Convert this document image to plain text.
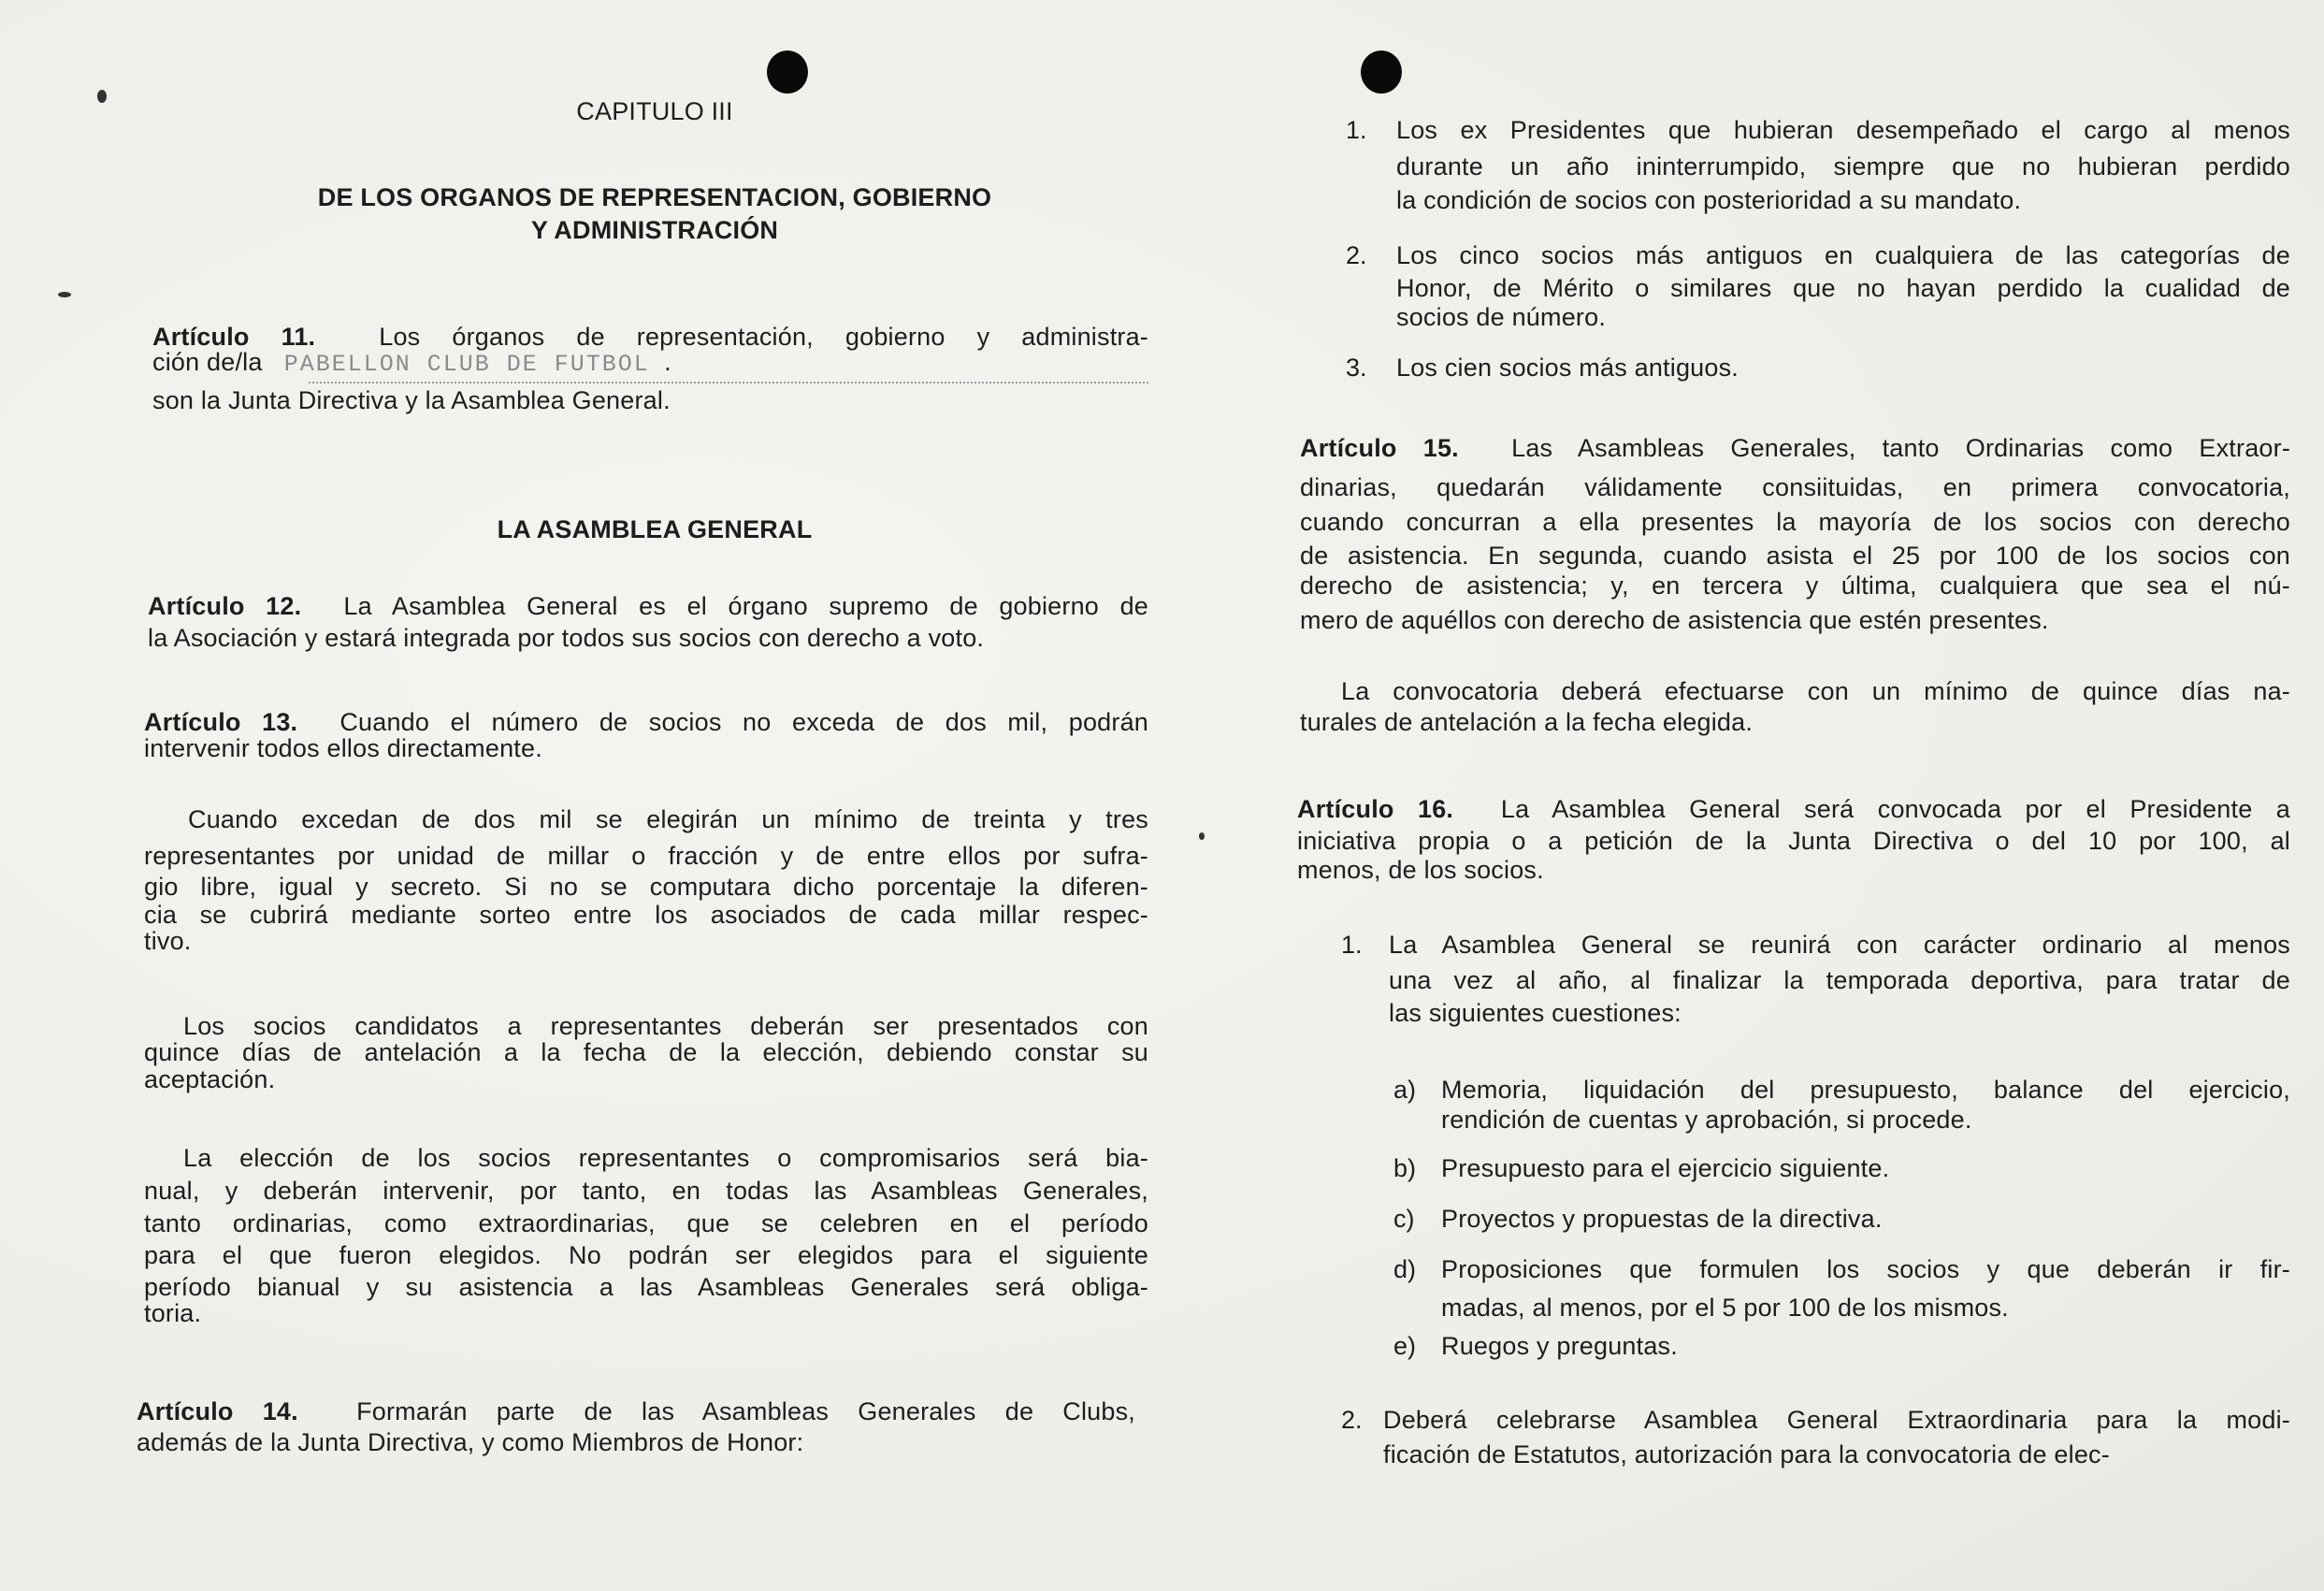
CAPITULO III
DE LOS ORGANOS DE REPRESENTACION, GOBIERNO
Y ADMINISTRACIÓN
Artículo 11.	Los órganos de representación, gobierno y administra-
ción de/la PABELLON CLUB DE FUTBOL .
son la Junta Directiva y la Asamblea General.
LA ASAMBLEA GENERAL
Artículo 12.  La Asamblea General es el órgano supremo de gobierno de
la Asociación y estará integrada por todos sus socios con derecho a voto.
Artículo 13.  Cuando el número de socios no exceda de dos mil, podrán
intervenir todos ellos directamente.
Cuando excedan de dos mil se elegirán un mínimo de treinta y tres
representantes por unidad de millar o fracción y de entre ellos por sufra-
gio libre, igual y secreto. Si no se computara dicho porcentaje la diferen-
cia se cubrirá mediante sorteo entre los asociados de cada millar respec-
tivo.
Los socios candidatos a representantes deberán ser presentados con
quince días de antelación a la fecha de la elección, debiendo constar su
aceptación.
La elección de los socios representantes o compromisarios será bia-
nual, y deberán intervenir, por tanto, en todas las Asambleas Generales,
tanto ordinarias, como extraordinarias, que se celebren en el período
para el que fueron elegidos. No podrán ser elegidos para el siguiente
período bianual y su asistencia a las Asambleas Generales será obliga-
toria.
Artículo 14.  Formarán parte de las Asambleas Generales de Clubs,
además de la Junta Directiva, y como Miembros de Honor:
1. Los ex Presidentes que hubieran desempeñado el cargo al menos
durante un año ininterrumpido, siempre que no hubieran perdido
la condición de socios con posterioridad a su mandato.
2. Los cinco socios más antiguos en cualquiera de las categorías de
Honor, de Mérito o similares que no hayan perdido la cualidad de
socios de número.
3. Los cien socios más antiguos.
Artículo 15.  Las Asambleas Generales, tanto Ordinarias como Extraor-
dinarias, quedarán válidamente consiituidas, en primera convocatoria,
cuando concurran a ella presentes la mayoría de los socios con derecho
de asistencia. En segunda, cuando asista el 25 por 100 de los socios con
derecho de asistencia; y, en tercera y última, cualquiera que sea el nú-
mero de aquéllos con derecho de asistencia que estén presentes.
La convocatoria deberá efectuarse con un mínimo de quince días na-
turales de antelación a la fecha elegida.
Artículo 16.  La Asamblea General será convocada por el Presidente a
iniciativa propia o a petición de la Junta Directiva o del 10 por 100, al
menos, de los socios.
1. La Asamblea General se reunirá con carácter ordinario al menos
una vez al año, al finalizar la temporada deportiva, para tratar de
las siguientes cuestiones:
a) Memoria, liquidación del presupuesto, balance del ejercicio,
rendición de cuentas y aprobación, si procede.
b) Presupuesto para el ejercicio siguiente.
c) Proyectos y propuestas de la directiva.
d) Proposiciones que formulen los socios y que deberán ir fir-
madas, al menos, por el 5 por 100 de los mismos.
e) Ruegos y preguntas.
2. Deberá celebrarse Asamblea General Extraordinaria para la modi-
ficación de Estatutos, autorización para la convocatoria de elec-
